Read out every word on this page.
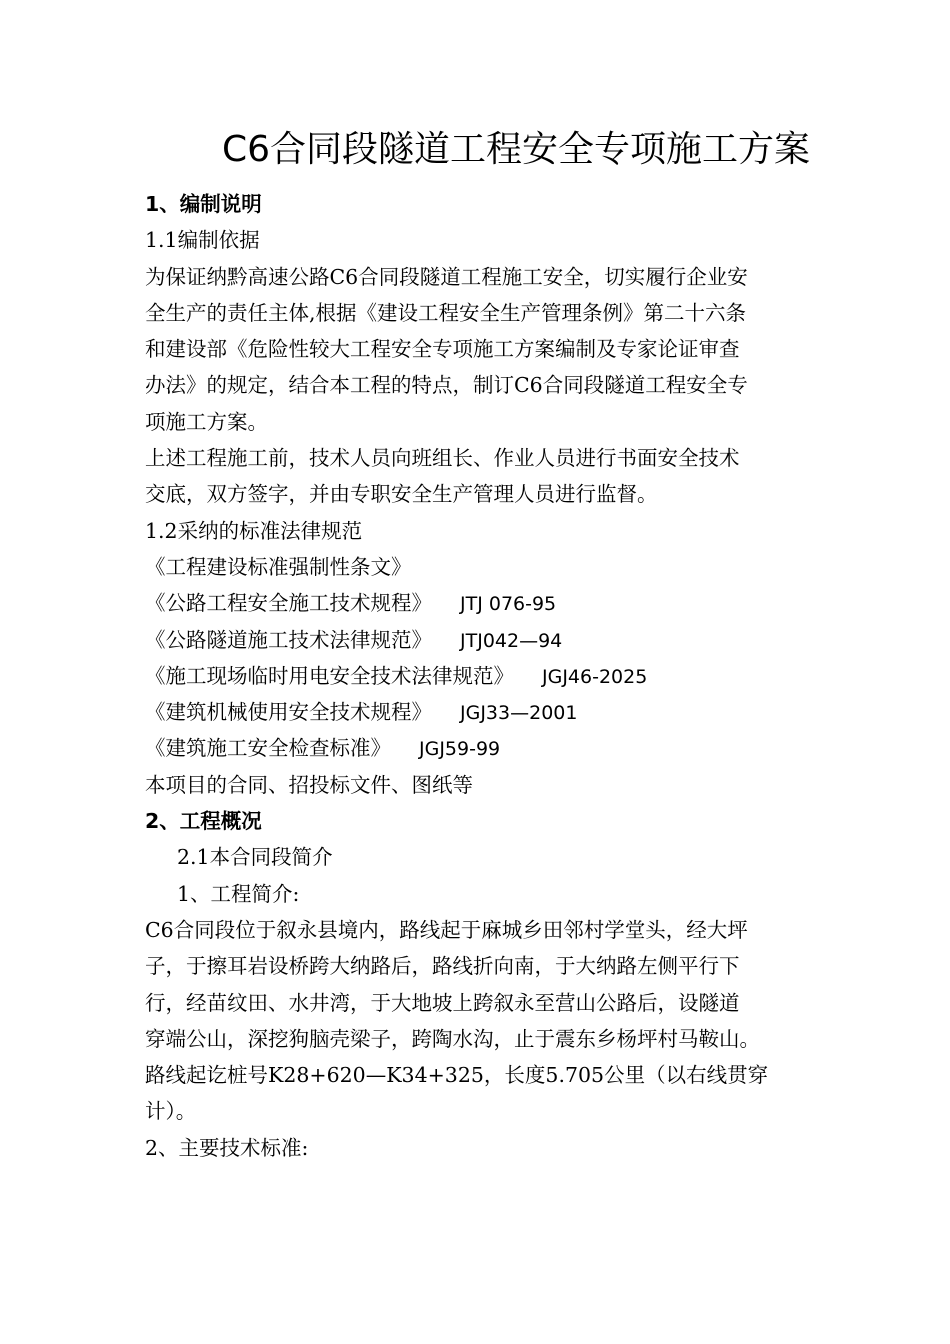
C6合同段隧道工程安全专项施工方案
1、编制说明
1.1编制依据
为保证纳黔高速公路C6合同段隧道工程施工安全，切实履行企业安
全生产的责任主体,根据《建设工程安全生产管理条例》第二十六条
和建设部《危险性较大工程安全专项施工方案编制及专家论证审查
办法》的规定，结合本工程的特点，制订C6合同段隧道工程安全专
项施工方案。
上述工程施工前，技术人员向班组长、作业人员进行书面安全技术
交底，双方签字，并由专职安全生产管理人员进行监督。
1.2采纳的标准法律规范
《工程建设标准强制性条文》
《公路工程安全施工技术规程》 JTJ 076-95
《公路隧道施工技术法律规范》 JTJ042—94
《施工现场临时用电安全技术法律规范》 JGJ46-2025
《建筑机械使用安全技术规程》 JGJ33—2001
《建筑施工安全检查标准》 JGJ59-99
本项目的合同、招投标文件、图纸等
2、工程概况
2.1本合同段简介
1、工程简介:
C6合同段位于叙永县境内，路线起于麻城乡田邻村学堂头，经大坪
子，于擦耳岩设桥跨大纳路后，路线折向南，于大纳路左侧平行下
行，经苗纹田、水井湾，于大地坡上跨叙永至营山公路后，设隧道
穿端公山，深挖狗脑壳梁子，跨陶水沟，止于震东乡杨坪村马鞍山。
路线起讫桩号K28+620—K34+325，长度5.705公里（以右线贯穿
计）。
2、主要技术标准:
